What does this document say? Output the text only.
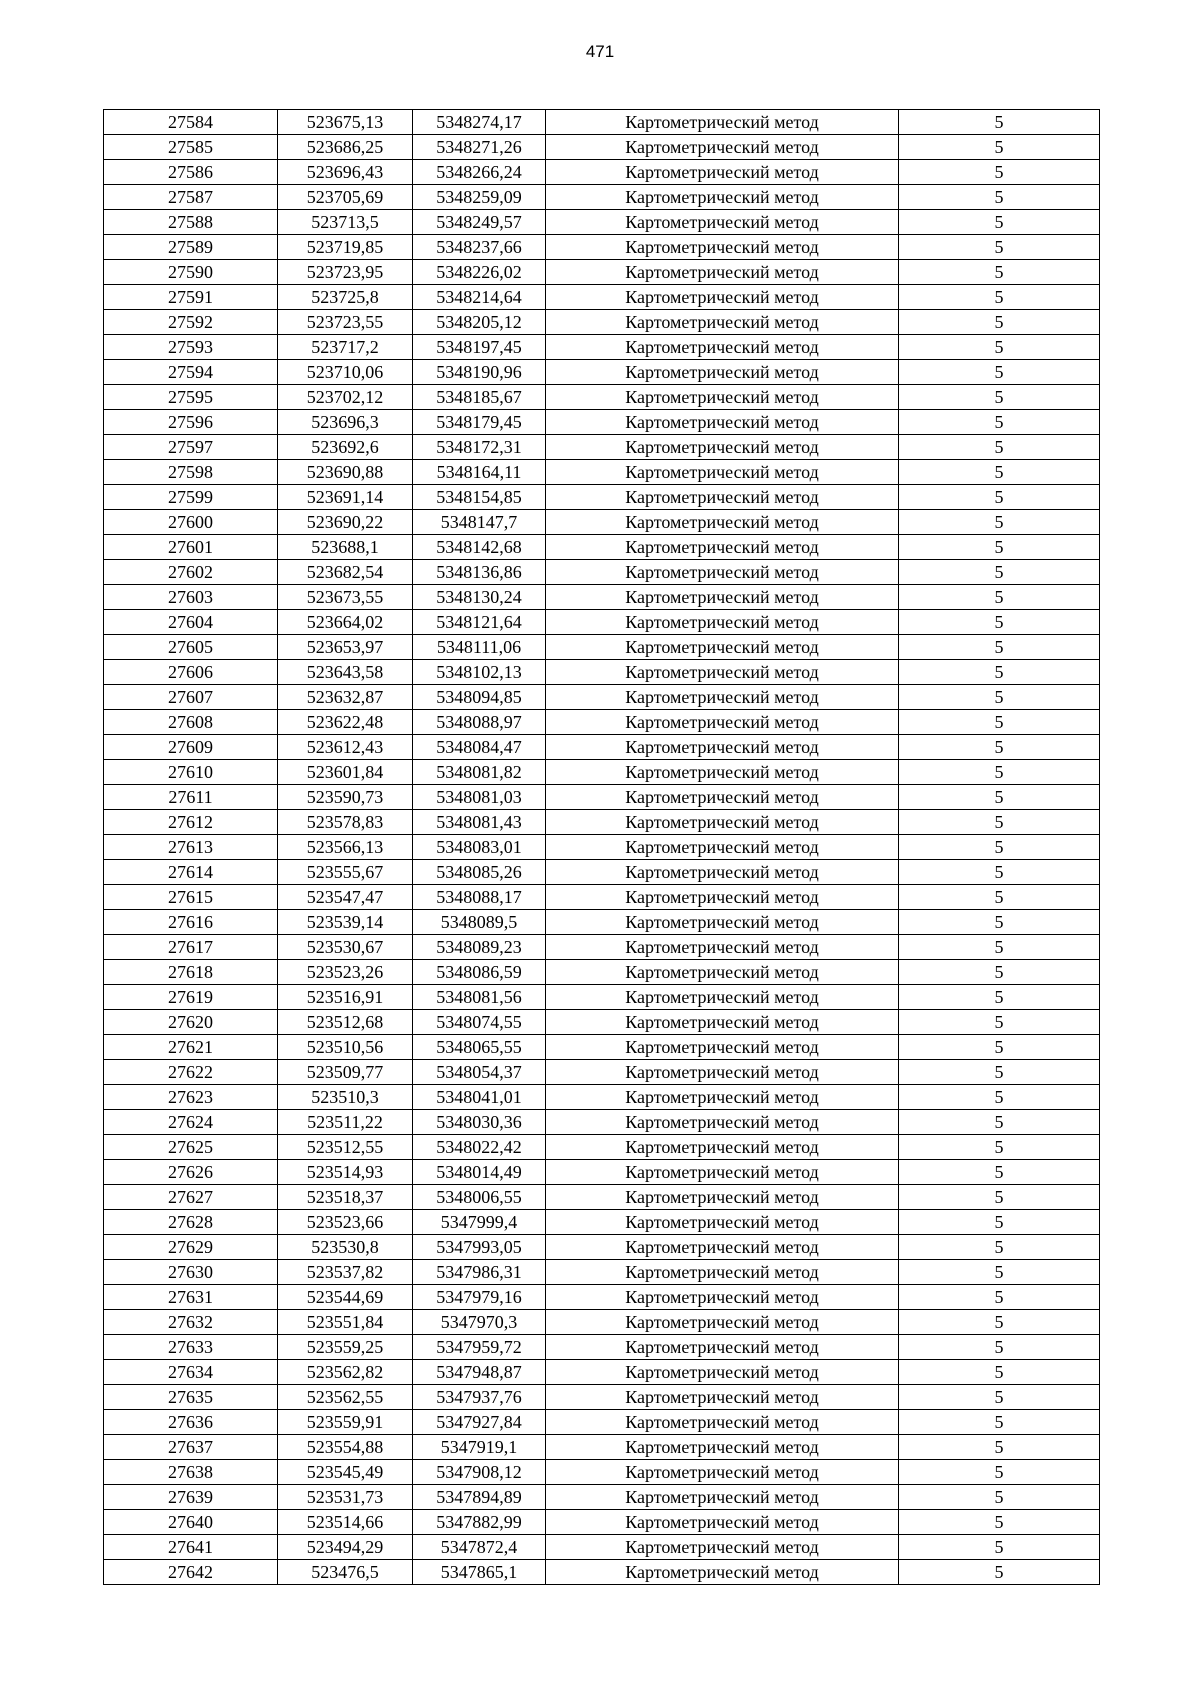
471
27584	523675,13	5348274,17	Картометрический метод	5
27585	523686,25	5348271,26	Картометрический метод	5
27586	523696,43	5348266,24	Картометрический метод	5
27587	523705,69	5348259,09	Картометрический метод	5
27588	523713,5	5348249,57	Картометрический метод	5
27589	523719,85	5348237,66	Картометрический метод	5
27590	523723,95	5348226,02	Картометрический метод	5
27591	523725,8	5348214,64	Картометрический метод	5
27592	523723,55	5348205,12	Картометрический метод	5
27593	523717,2	5348197,45	Картометрический метод	5
27594	523710,06	5348190,96	Картометрический метод	5
27595	523702,12	5348185,67	Картометрический метод	5
27596	523696,3	5348179,45	Картометрический метод	5
27597	523692,6	5348172,31	Картометрический метод	5
27598	523690,88	5348164,11	Картометрический метод	5
27599	523691,14	5348154,85	Картометрический метод	5
27600	523690,22	5348147,7	Картометрический метод	5
27601	523688,1	5348142,68	Картометрический метод	5
27602	523682,54	5348136,86	Картометрический метод	5
27603	523673,55	5348130,24	Картометрический метод	5
27604	523664,02	5348121,64	Картометрический метод	5
27605	523653,97	5348111,06	Картометрический метод	5
27606	523643,58	5348102,13	Картометрический метод	5
27607	523632,87	5348094,85	Картометрический метод	5
27608	523622,48	5348088,97	Картометрический метод	5
27609	523612,43	5348084,47	Картометрический метод	5
27610	523601,84	5348081,82	Картометрический метод	5
27611	523590,73	5348081,03	Картометрический метод	5
27612	523578,83	5348081,43	Картометрический метод	5
27613	523566,13	5348083,01	Картометрический метод	5
27614	523555,67	5348085,26	Картометрический метод	5
27615	523547,47	5348088,17	Картометрический метод	5
27616	523539,14	5348089,5	Картометрический метод	5
27617	523530,67	5348089,23	Картометрический метод	5
27618	523523,26	5348086,59	Картометрический метод	5
27619	523516,91	5348081,56	Картометрический метод	5
27620	523512,68	5348074,55	Картометрический метод	5
27621	523510,56	5348065,55	Картометрический метод	5
27622	523509,77	5348054,37	Картометрический метод	5
27623	523510,3	5348041,01	Картометрический метод	5
27624	523511,22	5348030,36	Картометрический метод	5
27625	523512,55	5348022,42	Картометрический метод	5
27626	523514,93	5348014,49	Картометрический метод	5
27627	523518,37	5348006,55	Картометрический метод	5
27628	523523,66	5347999,4	Картометрический метод	5
27629	523530,8	5347993,05	Картометрический метод	5
27630	523537,82	5347986,31	Картометрический метод	5
27631	523544,69	5347979,16	Картометрический метод	5
27632	523551,84	5347970,3	Картометрический метод	5
27633	523559,25	5347959,72	Картометрический метод	5
27634	523562,82	5347948,87	Картометрический метод	5
27635	523562,55	5347937,76	Картометрический метод	5
27636	523559,91	5347927,84	Картометрический метод	5
27637	523554,88	5347919,1	Картометрический метод	5
27638	523545,49	5347908,12	Картометрический метод	5
27639	523531,73	5347894,89	Картометрический метод	5
27640	523514,66	5347882,99	Картометрический метод	5
27641	523494,29	5347872,4	Картометрический метод	5
27642	523476,5	5347865,1	Картометрический метод	5
